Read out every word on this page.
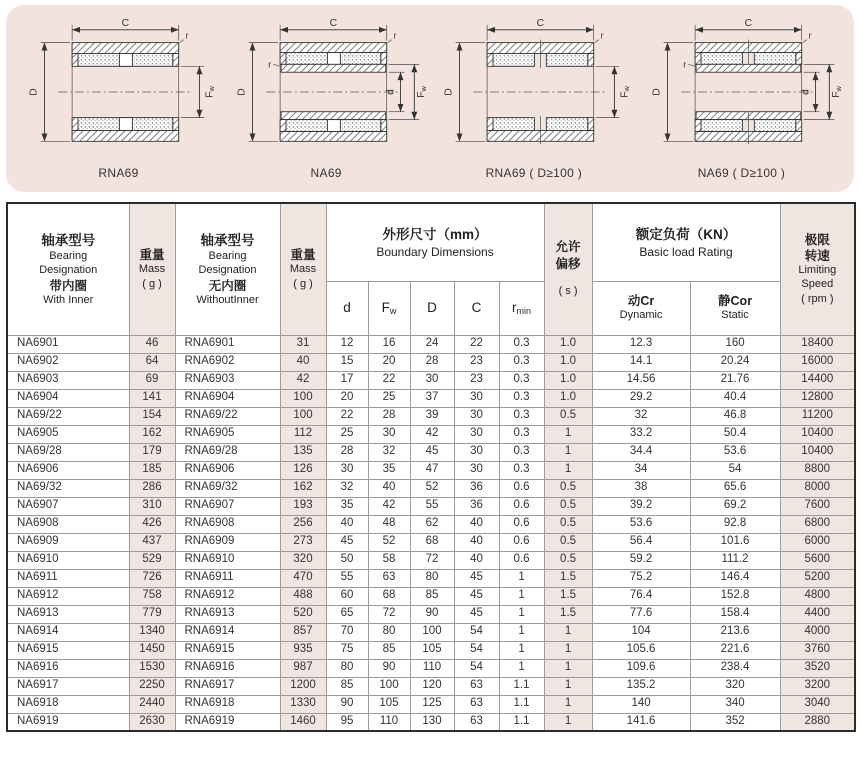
C
r
D	Fw
RNA69
C
r
r
D	d Fw
NA69
C
r
D	Fw
RNA69 ( D≥100 )
C
r
r
D	d Fw
NA69 ( D≥100 )
轴承型号
Bearing
Designation
带内圈
With Inner

重量
Mass
( g )

轴承型号
Bearing
Designation
无内圈
WithoutInner

重量
Mass
( g )

外形尺寸（mm）
Boundary Dimensions	允许
偏移
( s )

额定负荷（KN）
Basic load Rating

极限
转速
Limiting
Speed
( rpm )

d	Fw	D	C	rmin	
动Cr
Dynamic

静Cor
Static

NA6901	46	RNA6901	31	12	16	24	22	0.3	1.0	12.3	160	18400
NA6902	64	RNA6902	40	15	20	28	23	0.3	1.0	14.1	20.24	16000
NA6903	69	RNA6903	42	17	22	30	23	0.3	1.0	14.56	21.76	14400
NA6904	141	RNA6904	100	20	25	37	30	0.3	1.0	29.2	40.4	12800
NA69/22	154	RNA69/22	100	22	28	39	30	0.3	0.5	32	46.8	11200
NA6905	162	RNA6905	112	25	30	42	30	0.3	1	33.2	50.4	10400
NA69/28	179	RNA69/28	135	28	32	45	30	0.3	1	34.4	53.6	10400
NA6906	185	RNA6906	126	30	35	47	30	0.3	1	34	54	8800
NA69/32	286	RNA69/32	162	32	40	52	36	0.6	0.5	38	65.6	8000
NA6907	310	RNA6907	193	35	42	55	36	0.6	0.5	39.2	69.2	7600
NA6908	426	RNA6908	256	40	48	62	40	0.6	0.5	53.6	92.8	6800
NA6909	437	RNA6909	273	45	52	68	40	0.6	0.5	56.4	101.6	6000
NA6910	529	RNA6910	320	50	58	72	40	0.6	0.5	59.2	111.2	5600
NA6911	726	RNA6911	470	55	63	80	45	1	1.5	75.2	146.4	5200
NA6912	758	RNA6912	488	60	68	85	45	1	1.5	76.4	152.8	4800
NA6913	779	RNA6913	520	65	72	90	45	1	1.5	77.6	158.4	4400
NA6914	1340	RNA6914	857	70	80	100	54	1	1	104	213.6	4000
NA6915	1450	RNA6915	935	75	85	105	54	1	1	105.6	221.6	3760
NA6916	1530	RNA6916	987	80	90	110	54	1	1	109.6	238.4	3520
NA6917	2250	RNA6917	1200	85	100	120	63	1.1	1	135.2	320	3200
NA6918	2440	RNA6918	1330	90	105	125	63	1.1	1	140	340	3040
NA6919	2630	RNA6919	1460	95	110	130	63	1.1	1	141.6	352	2880
